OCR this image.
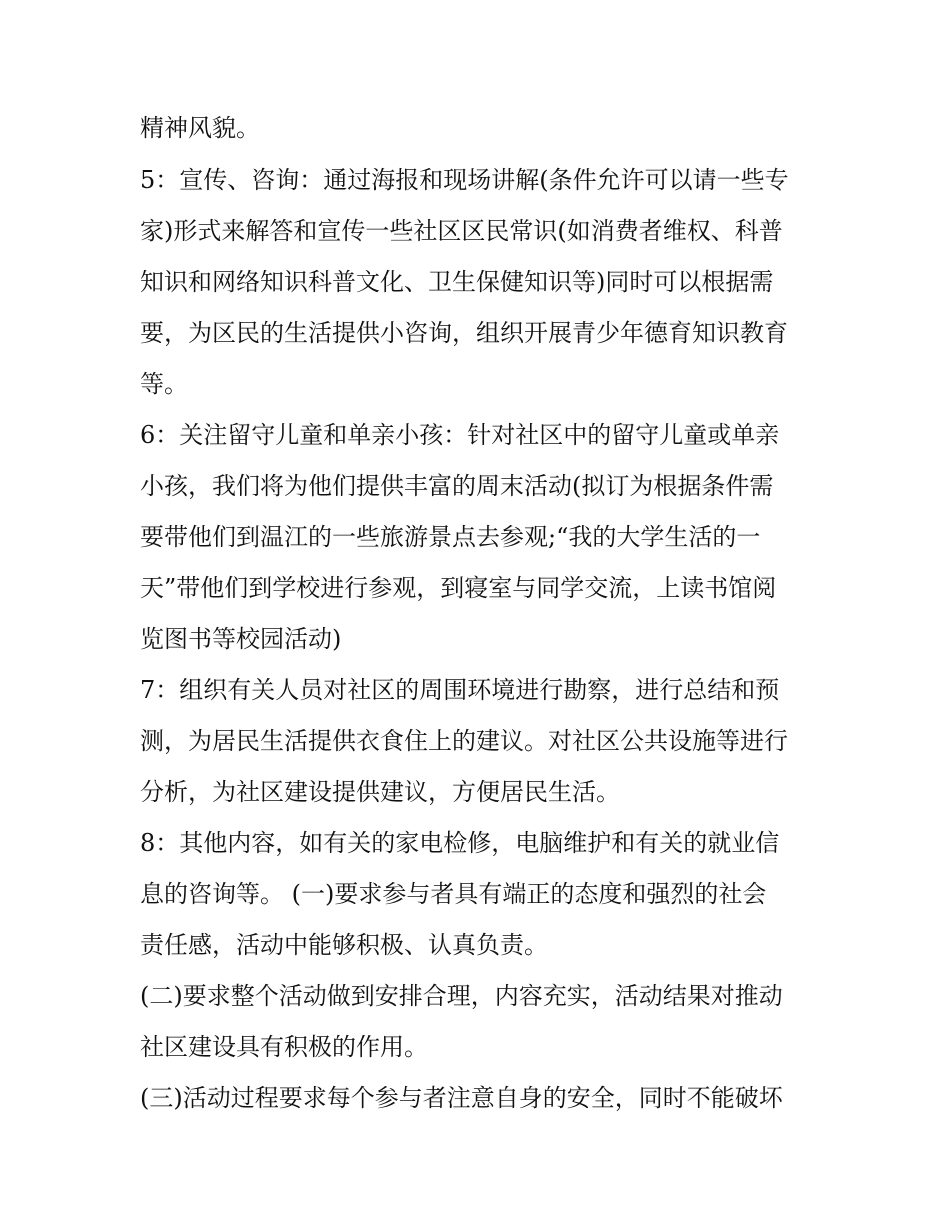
精神风貌。
5：宣传、咨询：通过海报和现场讲解(条件允许可以请一些专
家)形式来解答和宣传一些社区区民常识(如消费者维权、科普
知识和网络知识科普文化、卫生保健知识等)同时可以根据需
要，为区民的生活提供小咨询，组织开展青少年德育知识教育
等。
6：关注留守儿童和单亲小孩：针对社区中的留守儿童或单亲
小孩，我们将为他们提供丰富的周末活动(拟订为根据条件需
要带他们到温江的一些旅游景点去参观;“我的大学生活的一
天”带他们到学校进行参观，到寝室与同学交流，上读书馆阅
览图书等校园活动)
7：组织有关人员对社区的周围环境进行勘察，进行总结和预
测，为居民生活提供衣食住上的建议。对社区公共设施等进行
分析，为社区建设提供建议，方便居民生活。
8：其他内容，如有关的家电检修，电脑维护和有关的就业信
息的咨询等。 (一)要求参与者具有端正的态度和强烈的社会
责任感，活动中能够积极、认真负责。
(二)要求整个活动做到安排合理，内容充实，活动结果对推动
社区建设具有积极的作用。
(三)活动过程要求每个参与者注意自身的安全，同时不能破坏
